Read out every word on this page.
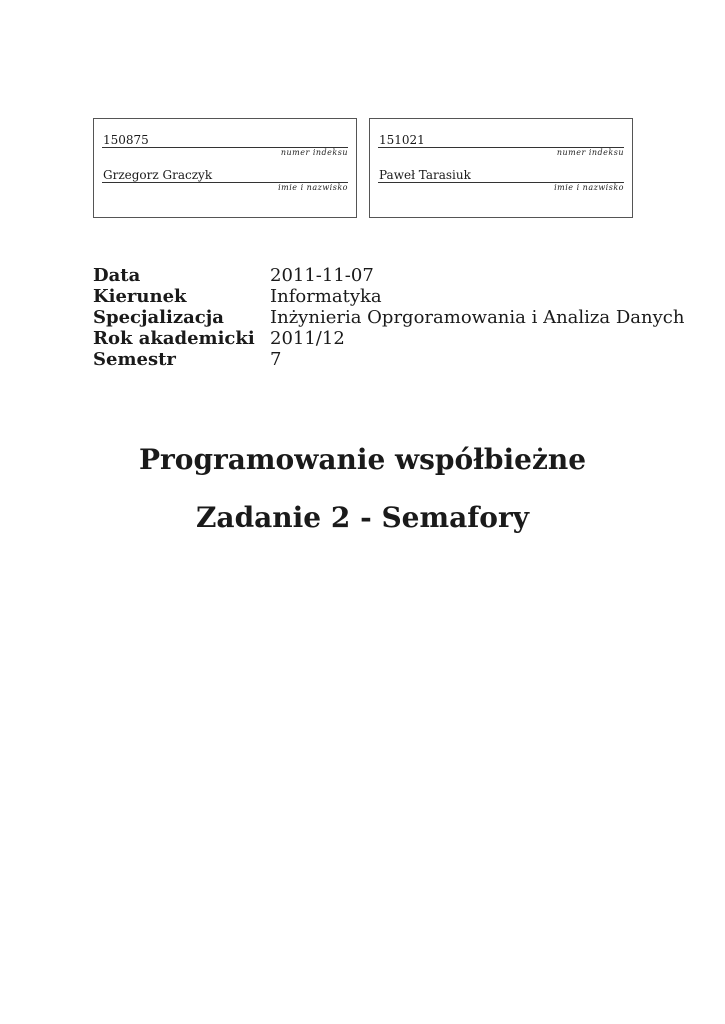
150875
numer indeksu
Grzegorz Graczyk
imie i nazwisko
151021
numer indeksu
Paweł Tarasiuk
imie i nazwisko
Data	2011-11-07
Kierunek	Informatyka
Specjalizacja	Inżynieria Oprgoramowania i Analiza Danych
Rok akademicki	2011/12
Semestr	7
Programowanie współbieżne
Zadanie 2 - Semafory
